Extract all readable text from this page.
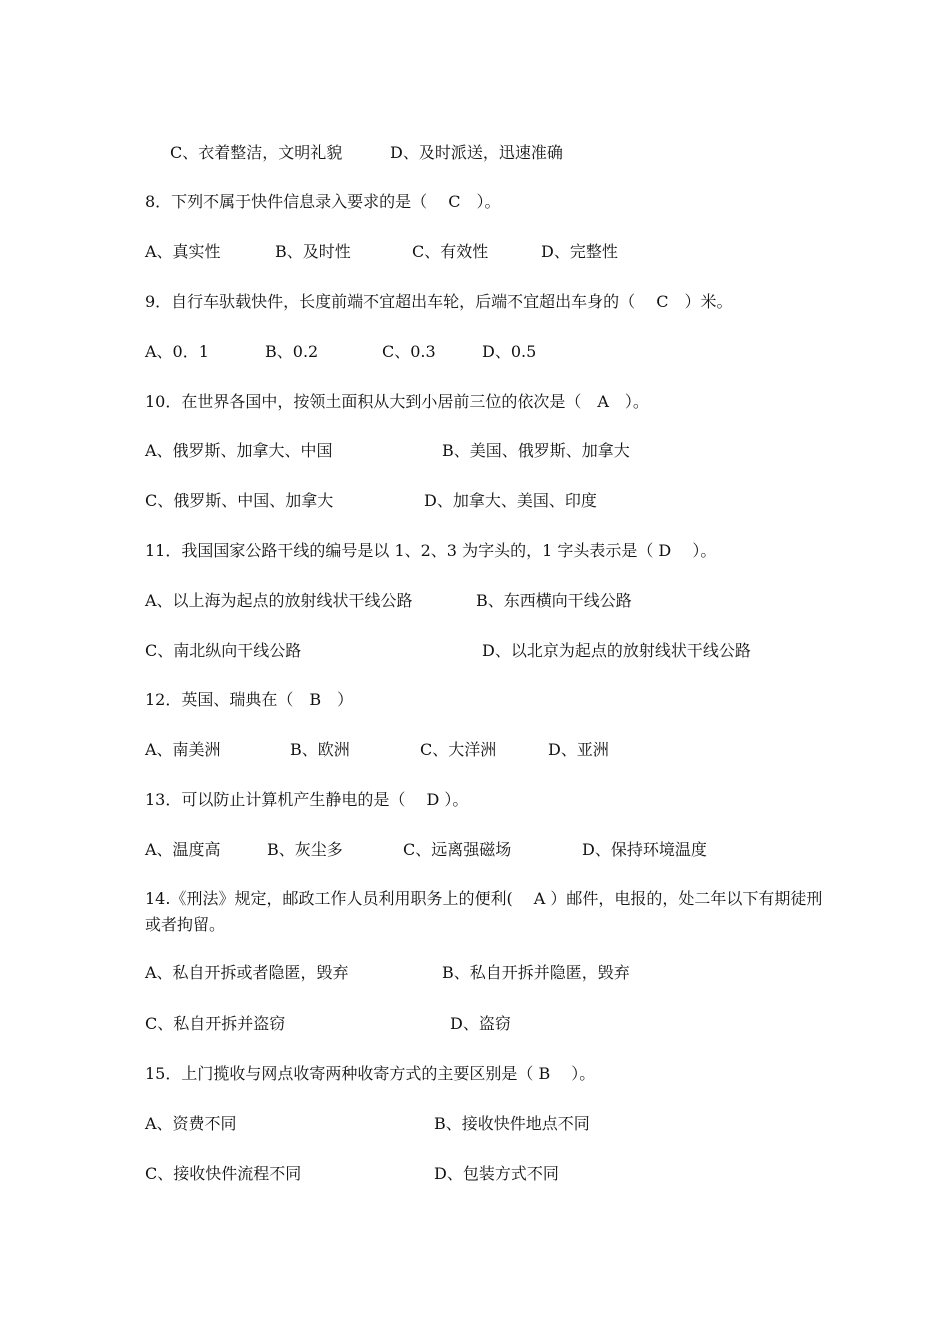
C、衣着整洁，文明礼貌	D、及时派送，迅速准确
8．下列不属于快件信息录入要求的是（　 C　）。
A、真实性	B、及时性	C、有效性	D、完整性
9．自行车驮载快件，长度前端不宜超出车轮，后端不宜超出车身的（　 C　）米。
A、0．1	B、0.2	C、0.3	D、0.5
10．在世界各国中，按领土面积从大到小居前三位的依次是（　A　）。
A、俄罗斯、加拿大、中国	B、美国、俄罗斯、加拿大
C、俄罗斯、中国、加拿大	D、加拿大、美国、印度
11．我国国家公路干线的编号是以 1、2、3 为字头的，1 字头表示是（ D　 ）。
A、以上海为起点的放射线状干线公路	B、东西横向干线公路
C、南北纵向干线公路	D、以北京为起点的放射线状干线公路
12．英国、瑞典在（　B　）
A、南美洲	B、欧洲	C、大洋洲	D、亚洲
13．可以防止计算机产生静电的是（　 D ）。
A、温度高	B、灰尘多	C、远离强磁场	D、保持环境温度
14.《刑法》规定，邮政工作人员利用职务上的便利(　 A ）邮件，电报的，处二年以下有期徒刑或者拘留。
A、私自开拆或者隐匿，毁弃	B、私自开拆并隐匿，毁弃
C、私自开拆并盗窃	D、盗窃
15．上门揽收与网点收寄两种收寄方式的主要区别是（ B　 ）。
A、资费不同	B、接收快件地点不同
C、接收快件流程不同	D、包装方式不同
